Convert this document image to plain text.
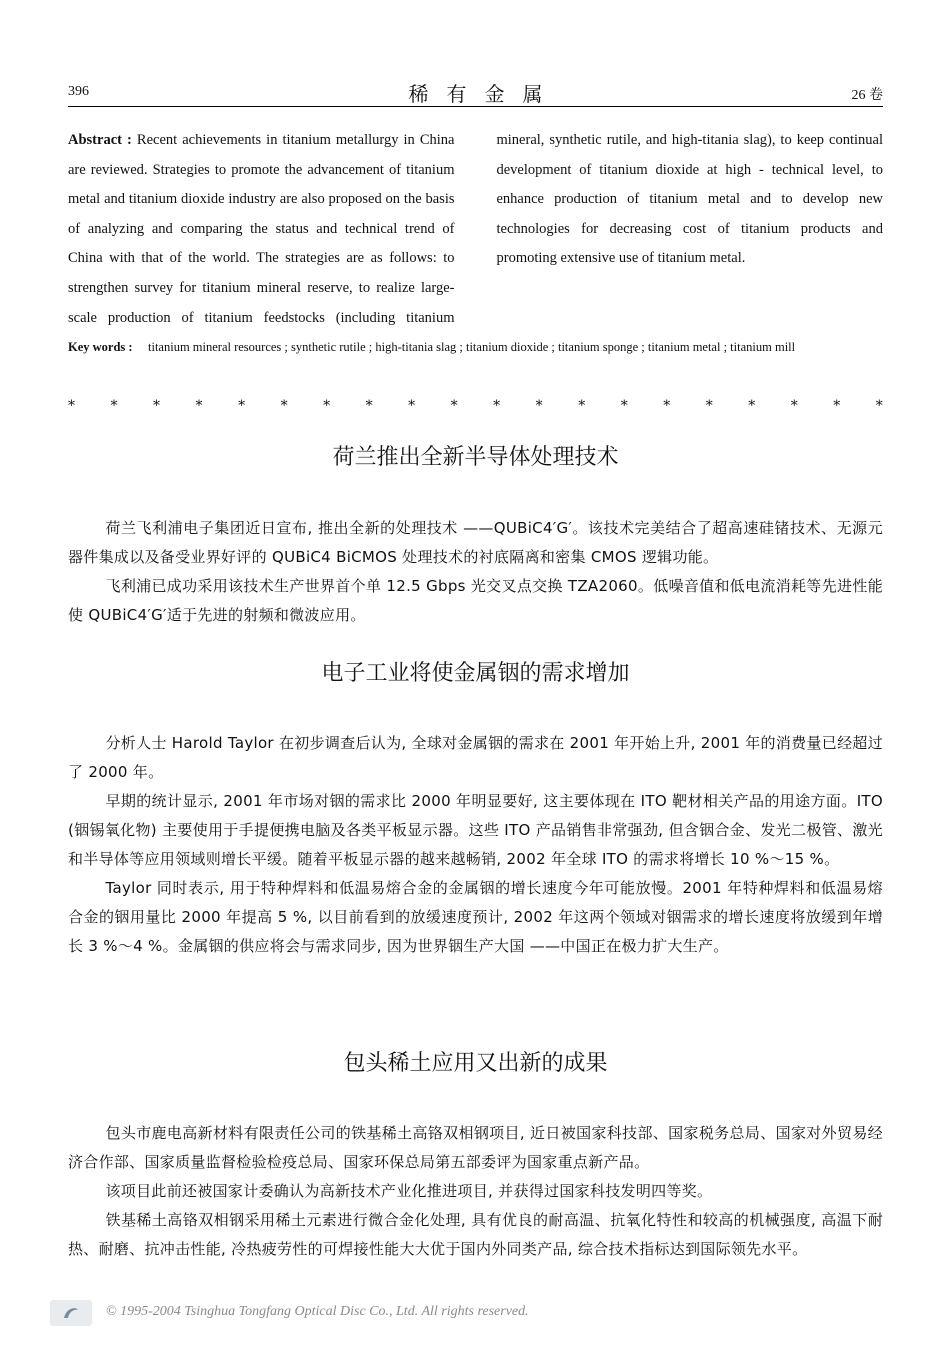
396	稀有金属	26 卷
Abstract : Recent achievements in titanium metallurgy in China are reviewed. Strategies to promote the advancement of titanium metal and titanium dioxide industry are also proposed on the basis of analyzing and comparing the status and technical trend of China with that of the world. The strategies are as follows: to strengthen survey for titanium mineral reserve, to realize large-scale production of titanium feedstocks (including titanium mineral, synthetic rutile, and high-titania slag), to keep continual development of titanium dioxide at high - technical level, to enhance production of titanium metal and to develop new technologies for decreasing cost of titanium products and promoting extensive use of titanium metal.
Key words :	titanium mineral resources ; synthetic rutile ; high-titania slag ; titanium dioxide ; titanium sponge ; titanium metal ; titanium mill
*	*	*	*	*	*	*	*	*	*	*	*	*	*	*	*	*	*	*	*
荷兰推出全新半导体处理技术

荷兰飞利浦电子集团近日宣布, 推出全新的处理技术 ——QUBiC4′G′。该技术完美结合了超高速硅锗技术、无源元器件集成以及备受业界好评的 QUBiC4 BiCMOS 处理技术的衬底隔离和密集 CMOS 逻辑功能。

飞利浦已成功采用该技术生产世界首个单 12.5 Gbps 光交叉点交换 TZA2060。低噪音值和低电流消耗等先进性能使 QUBiC4′G′适于先进的射频和微波应用。

电子工业将使金属铟的需求增加

分析人士 Harold Taylor 在初步调查后认为, 全球对金属铟的需求在 2001 年开始上升, 2001 年的消费量已经超过了 2000 年。

早期的统计显示, 2001 年市场对铟的需求比 2000 年明显要好, 这主要体现在 ITO 靶材相关产品的用途方面。ITO (铟锡氧化物) 主要使用于手提便携电脑及各类平板显示器。这些 ITO 产品销售非常强劲, 但含铟合金、发光二极管、激光和半导体等应用领域则增长平缓。随着平板显示器的越来越畅销, 2002 年全球 ITO 的需求将增长 10 %～15 %。

Taylor 同时表示, 用于特种焊料和低温易熔合金的金属铟的增长速度今年可能放慢。2001 年特种焊料和低温易熔合金的铟用量比 2000 年提高 5 %, 以目前看到的放缓速度预计, 2002 年这两个领域对铟需求的增长速度将放缓到年增长 3 %～4 %。金属铟的供应将会与需求同步, 因为世界铟生产大国 ——中国正在极力扩大生产。

包头稀土应用又出新的成果

包头市鹿电高新材料有限责任公司的铁基稀土高铬双相钢项目, 近日被国家科技部、国家税务总局、国家对外贸易经济合作部、国家质量监督检验检疫总局、国家环保总局第五部委评为国家重点新产品。

该项目此前还被国家计委确认为高新技术产业化推进项目, 并获得过国家科技发明四等奖。

铁基稀土高铬双相钢采用稀土元素进行微合金化处理, 具有优良的耐高温、抗氧化特性和较高的机械强度, 高温下耐热、耐磨、抗冲击性能, 冷热疲劳性的可焊接性能大大优于国内外同类产品, 综合技术指标达到国际领先水平。

© 1995-2004 Tsinghua Tongfang Optical Disc Co., Ltd. All rights reserved.
